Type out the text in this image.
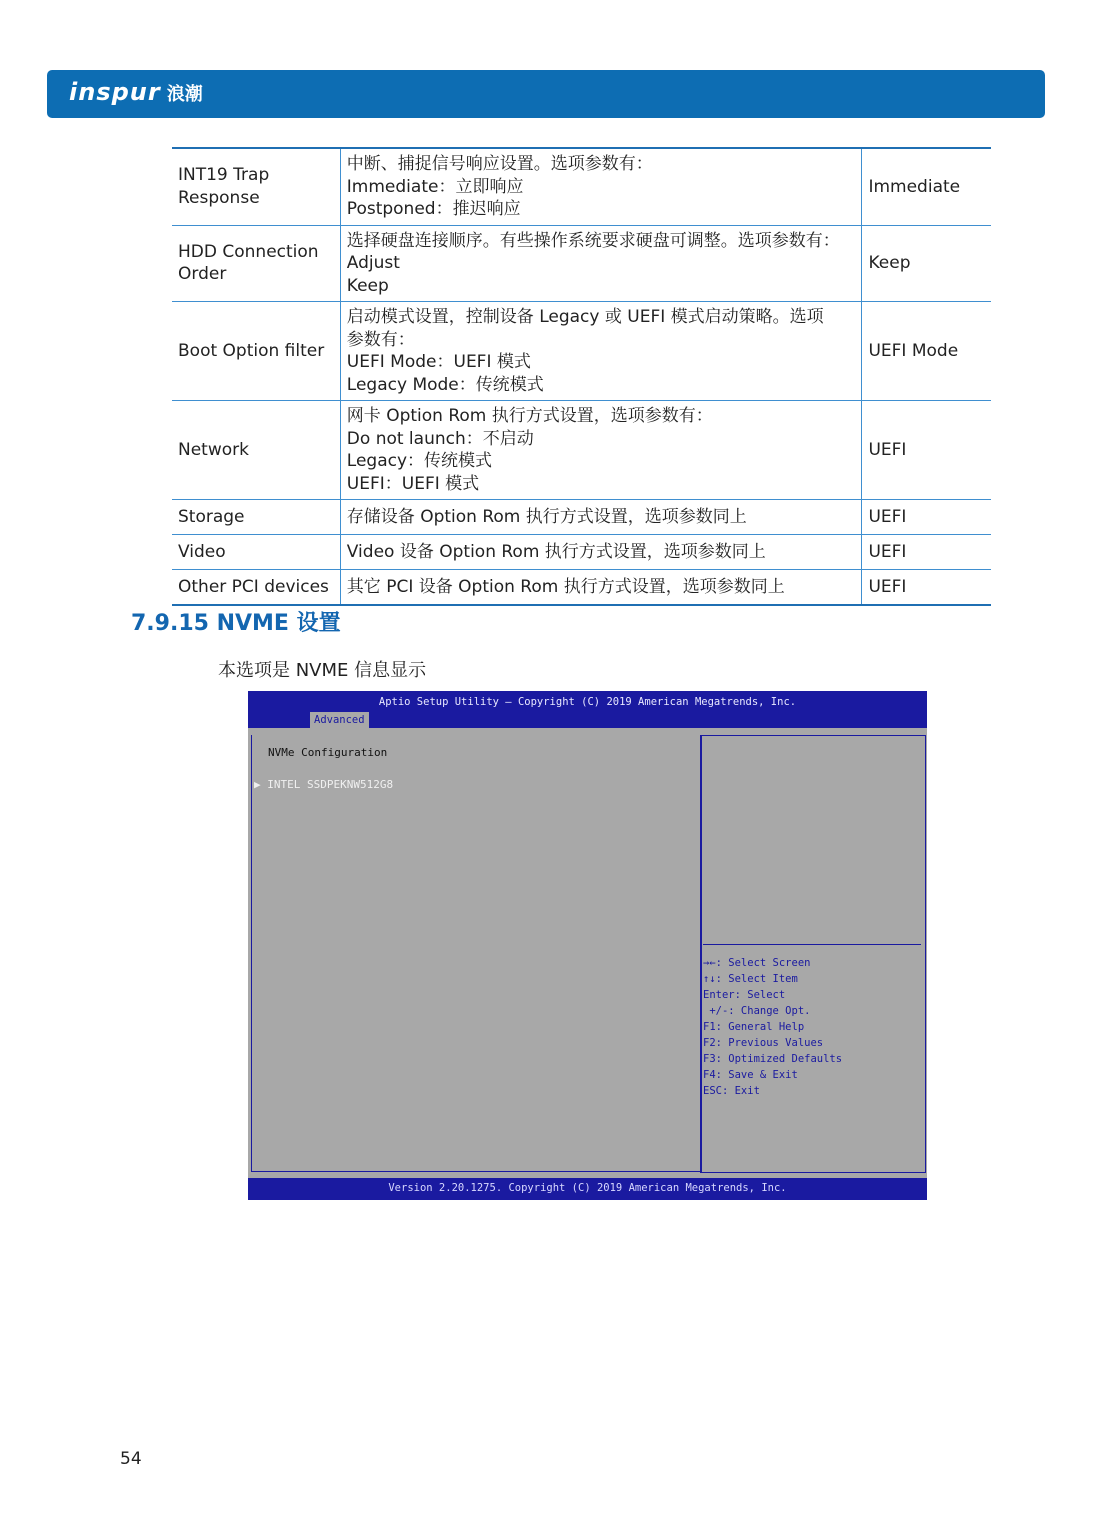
inspur 浪潮
INT19 Trap Response	中断、捕捉信号响应设置。选项参数有：
Immediate：立即响应
Postponed：推迟响应	Immediate
HDD Connection Order	选择硬盘连接顺序。有些操作系统要求硬盘可调整。选项参数有：
Adjust
Keep	Keep
Boot Option filter	启动模式设置，控制设备 Legacy 或 UEFI 模式启动策略。选项
参数有：
UEFI Mode：UEFI 模式
Legacy Mode：传统模式	UEFI Mode
Network	网卡 Option Rom 执行方式设置，选项参数有：
Do not launch：不启动
Legacy：传统模式
UEFI：UEFI 模式	UEFI
Storage	存储设备 Option Rom 执行方式设置，选项参数同上	UEFI
Video	Video 设备 Option Rom 执行方式设置，选项参数同上	UEFI
Other PCI devices	其它 PCI 设备 Option Rom 执行方式设置，选项参数同上	UEFI
7.9.15 NVME 设置
本选项是 NVME 信息显示
Aptio Setup Utility – Copyright (C) 2019 American Megatrends, Inc.
Advanced
NVMe Configuration
▶ INTEL SSDPEKNW512G8
→←: Select Screen
↑↓: Select Item
Enter: Select
+/-: Change Opt.
F1: General Help
F2: Previous Values
F3: Optimized Defaults
F4: Save & Exit
ESC: Exit
Version 2.20.1275. Copyright (C) 2019 American Megatrends, Inc.
54
